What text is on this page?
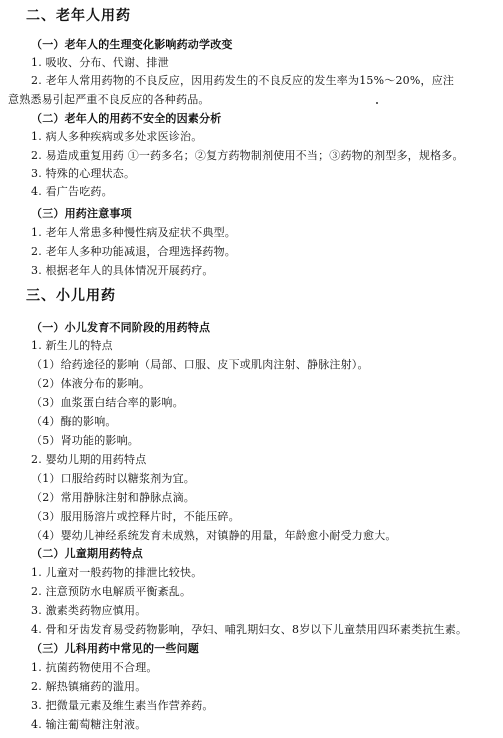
二、老年人用药
（一）老年人的生理变化影响药动学改变
1. 吸收、分布、代谢、排泄
2. 老年人常用药物的不良反应，因用药发生的不良反应的发生率为15%～20%，应注
意熟悉易引起严重不良反应的各种药品。
（二）老年人的用药不安全的因素分析
1. 病人多种疾病或多处求医诊治。
2. 易造成重复用药 ①一药多名；②复方药物制剂使用不当；③药物的剂型多，规格多。
3. 特殊的心理状态。
4. 看广告吃药。
（三）用药注意事项
1. 老年人常患多种慢性病及症状不典型。
2. 老年人多种功能减退，合理选择药物。
3. 根据老年人的具体情况开展药疗。
三、小儿用药
（一）小儿发育不同阶段的用药特点
1. 新生儿的特点
（1）给药途径的影响（局部、口服、皮下或肌肉注射、静脉注射）。
（2）体液分布的影响。
（3）血浆蛋白结合率的影响。
（4）酶的影响。
（5）肾功能的影响。
2. 婴幼儿期的用药特点
（1）口服给药时以糖浆剂为宜。
（2）常用静脉注射和静脉点滴。
（3）服用肠溶片或控释片时，不能压碎。
（4）婴幼儿神经系统发育未成熟，对镇静的用量，年龄愈小耐受力愈大。
（二）儿童期用药特点
1. 儿童对一般药物的排泄比较快。
2. 注意预防水电解质平衡紊乱。
3. 激素类药物应慎用。
4. 骨和牙齿发育易受药物影响，孕妇、哺乳期妇女、8岁以下儿童禁用四环素类抗生素。
（三）儿科用药中常见的一些问题
1. 抗菌药物使用不合理。
2. 解热镇痛药的滥用。
3. 把微量元素及维生素当作营养药。
4. 输注葡萄糖注射液。
